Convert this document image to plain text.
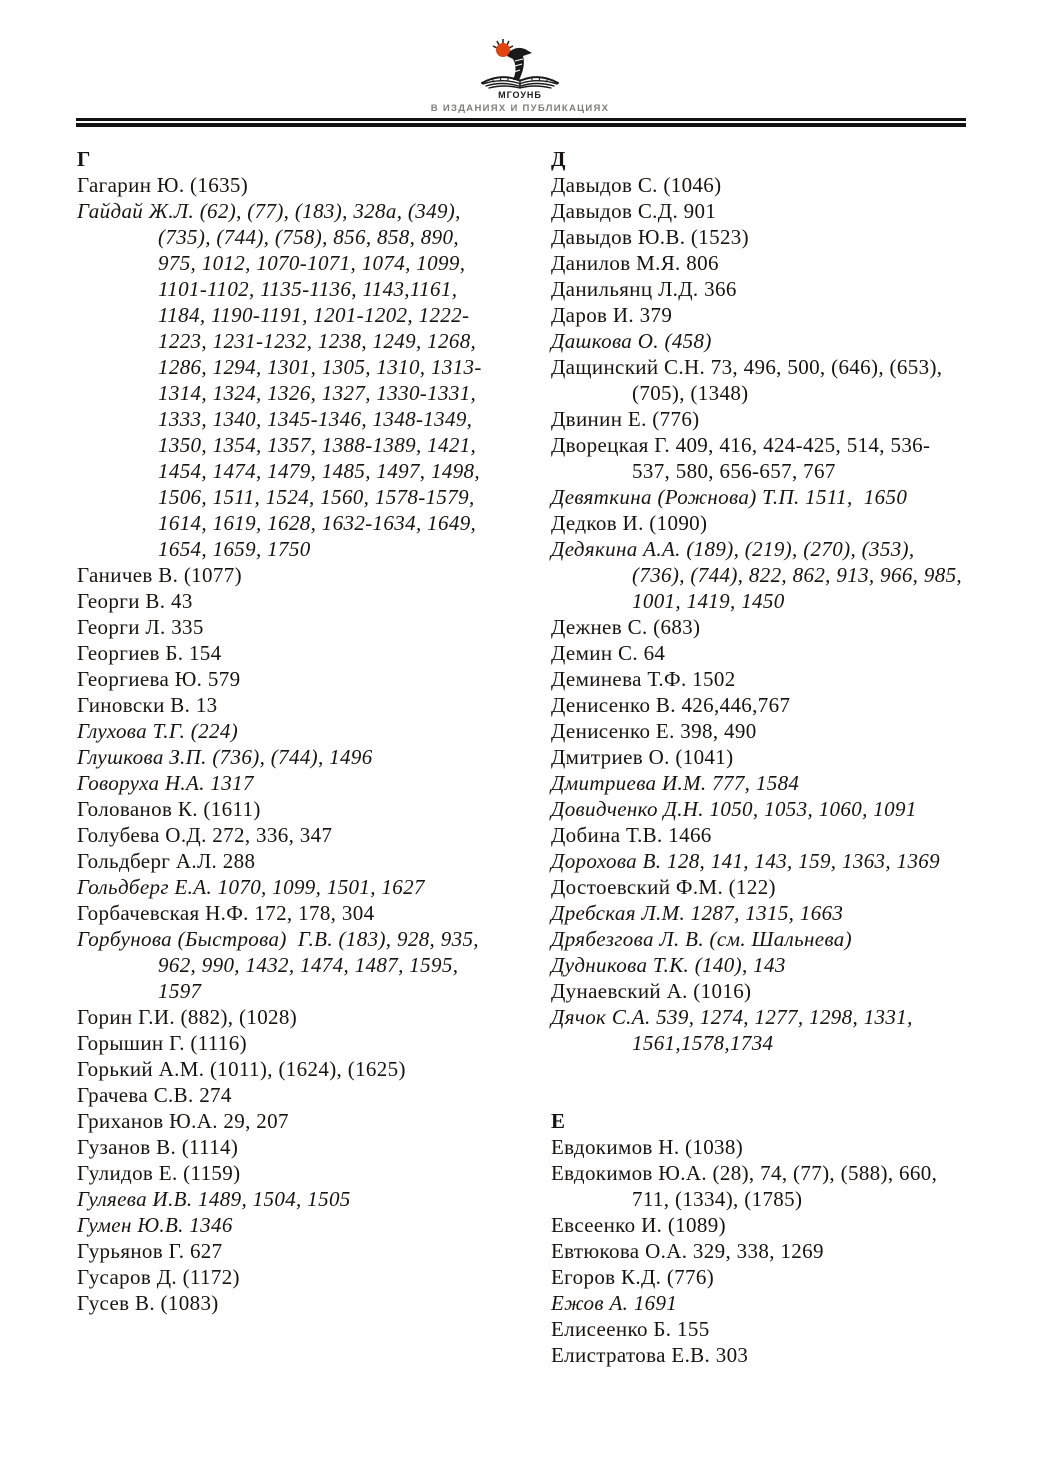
МГОУНБ
В ИЗДАНИЯХ И ПУБЛИКАЦИЯХ
Г

Гагарин Ю. (1635)

Гайдай Ж.Л. (62), (77), (183), 328а, (349),
(735), (744), (758), 856, 858, 890,
975, 1012, 1070-1071, 1074, 1099,
1101-1102, 1135-1136, 1143,1161,
1184, 1190-1191, 1201-1202, 1222-
1223, 1231-1232, 1238, 1249, 1268,
1286, 1294, 1301, 1305, 1310, 1313-
1314, 1324, 1326, 1327, 1330-1331,
1333, 1340, 1345-1346, 1348-1349,
1350, 1354, 1357, 1388-1389, 1421,
1454, 1474, 1479, 1485, 1497, 1498,
1506, 1511, 1524, 1560, 1578-1579,
1614, 1619, 1628, 1632-1634, 1649,
1654, 1659, 1750

Ганичев В. (1077)

Георги В. 43

Георги Л. 335

Георгиев Б. 154

Георгиева Ю. 579

Гиновски В. 13

Глухова Т.Г. (224)

Глушкова З.П. (736), (744), 1496

Говоруха Н.А. 1317

Голованов К. (1611)

Голубева О.Д. 272, 336, 347

Гольдберг А.Л. 288

Гольдберг Е.А. 1070, 1099, 1501, 1627

Горбачевская Н.Ф. 172, 178, 304

Горбунова (Быстрова)  Г.В. (183), 928, 935,
962, 990, 1432, 1474, 1487, 1595,
1597

Горин Г.И. (882), (1028)

Горышин Г. (1116)

Горький А.М. (1011), (1624), (1625)

Грачева С.В. 274

Гриханов Ю.А. 29, 207

Гузанов В. (1114)

Гулидов Е. (1159)

Гуляева И.В. 1489, 1504, 1505

Гумен Ю.В. 1346

Гурьянов Г. 627

Гусаров Д. (1172)

Гусев В. (1083)

Д

Давыдов С. (1046)

Давыдов С.Д. 901

Давыдов Ю.В. (1523)

Данилов М.Я. 806

Данильянц Л.Д. 366

Даров И. 379

Дашкова О. (458)

Дащинский С.Н. 73, 496, 500, (646), (653),
(705), (1348)

Двинин Е. (776)

Дворецкая Г. 409, 416, 424-425, 514, 536-
537, 580, 656-657, 767

Девяткина (Рожнова) Т.П. 1511,  1650

Дедков И. (1090)

Дедякина А.А. (189), (219), (270), (353),
(736), (744), 822, 862, 913, 966, 985,
1001, 1419, 1450

Дежнев С. (683)

Демин С. 64

Деминева Т.Ф. 1502

Денисенко В. 426,446,767

Денисенко Е. 398, 490

Дмитриев О. (1041)

Дмитриева И.М. 777, 1584

Довидченко Д.Н. 1050, 1053, 1060, 1091

Добина Т.В. 1466

Дорохова В. 128, 141, 143, 159, 1363, 1369

Достоевский Ф.М. (122)

Дребская Л.М. 1287, 1315, 1663

Дрябезгова Л. В. (см. Шальнева)

Дудникова Т.К. (140), 143

Дунаевский А. (1016)

Дячок С.А. 539, 1274, 1277, 1298, 1331,
1561,1578,1734

Е

Евдокимов Н. (1038)

Евдокимов Ю.А. (28), 74, (77), (588), 660,
711, (1334), (1785)

Евсеенко И. (1089)

Евтюкова О.А. 329, 338, 1269

Егоров К.Д. (776)

Ежов А. 1691

Елисеенко Б. 155

Елистратова Е.В. 303
